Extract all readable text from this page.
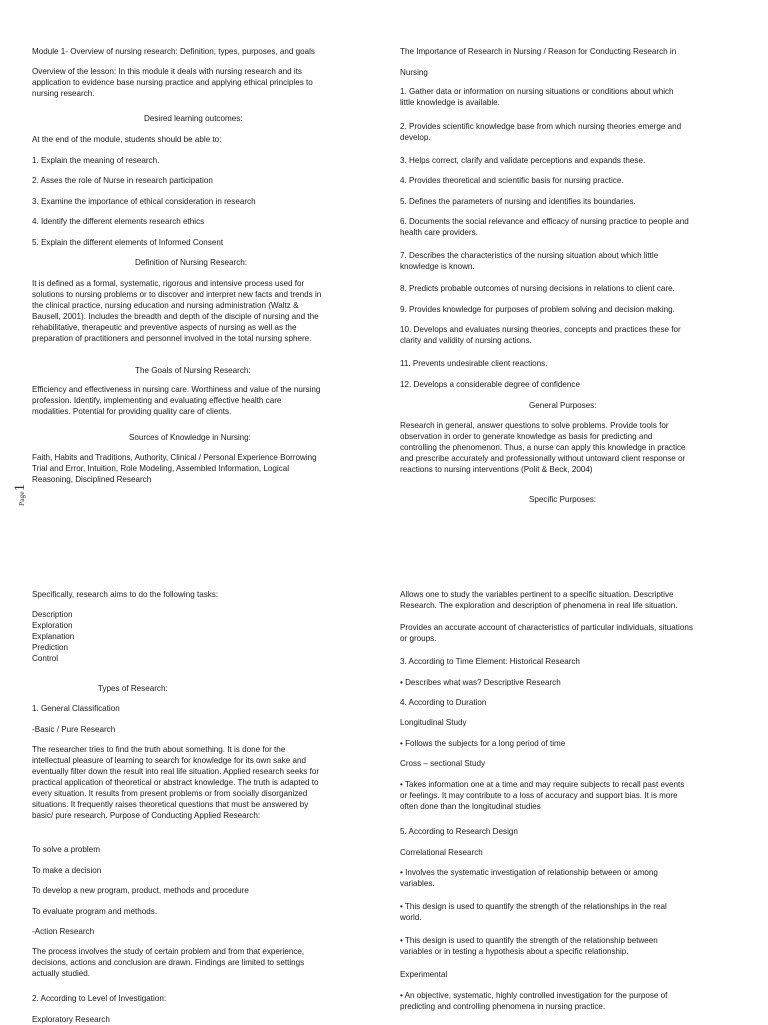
Module 1- Overview of nursing research: Definition, types, purposes, and goals

Overview of the lesson: In this module it deals with nursing research and its

application to evidence base nursing practice and applying ethical principles to

nursing research.

Desired learning outcomes:

At the end of the module, students should be able to:

1. Explain the meaning of research.

2. Asses the role of Nurse in research participation

3. Examine the importance of ethical consideration in research

4. Identify the different elements research ethics

5. Explain the different elements of Informed Consent

Definition of Nursing Research:

It is defined as a formal, systematic, rigorous and intensive process used for

solutions to nursing problems or to discover and interpret new facts and trends in

the clinical practice, nursing education and nursing administration (Waltz &

Bausell, 2001). Includes the breadth and depth of the disciple of nursing and the

rehabilitative, therapeutic and preventive aspects of nursing as well as the

preparation of practitioners and personnel involved in the total nursing sphere.

The Goals of Nursing Research:

Efficiency and effectiveness in nursing care. Worthiness and value of the nursing

profession. Identify, implementing and evaluating effective health care

modalities. Potential for providing quality care of clients.

Sources of Knowledge in Nursing:

Faith, Habits and Traditions, Authority, Clinical / Personal Experience Borrowing

Trial and Error, Intuition, Role Modeling, Assembled Information, Logical

Reasoning, Disciplined Research

The Importance of Research in Nursing / Reason for Conducting Research in

Nursing

1. Gather data or information on nursing situations or conditions about which

little knowledge is available.

2. Provides scientific knowledge base from which nursing theories emerge and

develop.

3. Helps correct, clarify and validate perceptions and expands these.

4. Provides theoretical and scientific basis for nursing practice.

5. Defines the parameters of nursing and identifies its boundaries.

6. Documents the social relevance and efficacy of nursing practice to people and

health care providers.

7. Describes the characteristics of the nursing situation about which little

knowledge is known.

8. Predicts probable outcomes of nursing decisions in relations to client care.

9. Provides knowledge for purposes of problem solving and decision making.

10. Develops and evaluates nursing theories, concepts and practices these for

clarity and validity of nursing actions.

11. Prevents undesirable client reactions.

12. Develops a considerable degree of confidence

General Purposes:

Research in general, answer questions to solve problems. Provide tools for

observation in order to generate knowledge as basis for predicting and

controlling the phenomenon. Thus, a nurse can apply this knowledge in practice

and prescribe accurately and professionally without untoward client response or

reactions to nursing interventions (Polit & Beck, 2004)

Specific Purposes:

Specifically, research aims to do the following tasks:

Description

Exploration

Explanation

Prediction

Control

Types of Research:

1. General Classification

-Basic / Pure Research

The researcher tries to find the truth about something. It is done for the

intellectual pleasure of learning to search for knowledge for its own sake and

eventually filter down the result into real life situation. Applied research seeks for

practical application of theoretical or abstract knowledge. The truth is adapted to

every situation. It results from present problems or from socially disorganized

situations. It frequently raises theoretical questions that must be answered by

basic/ pure research. Purpose of Conducting Applied Research:

To solve a problem

To make a decision

To develop a new program, product, methods and procedure

To evaluate program and methods.

-Action Research

The process involves the study of certain problem and from that experience,

decisions, actions and conclusion are drawn. Findings are limited to settings

actually studied.

2. According to Level of Investigation:

Exploratory Research

Allows one to study the variables pertinent to a specific situation. Descriptive

Research. The exploration and description of phenomena in real life situation.

Provides an accurate account of characteristics of particular individuals, situations

or groups.

3. According to Time Element: Historical Research

• Describes what was? Descriptive Research

4. According to Duration

Longitudinal Study

• Follows the subjects for a long period of time

Cross – sectional Study

• Takes information one at a time and may require subjects to recall past events

or feelings. It may contribute to a loss of accuracy and support bias. It is more

often done than the longitudinal studies

5. According to Research Design

Correlational Research

• Involves the systematic investigation of relationship between or among

variables.

• This design is used to quantify the strength of the relationships in the real

world.

• This design is used to quantify the strength of the relationship between

variables or in testing a hypothesis about a specific relationship.

Experimental

• An objective, systematic, highly controlled investigation for the purpose of

predicting and controlling phenomena in nursing practice.

Page1
